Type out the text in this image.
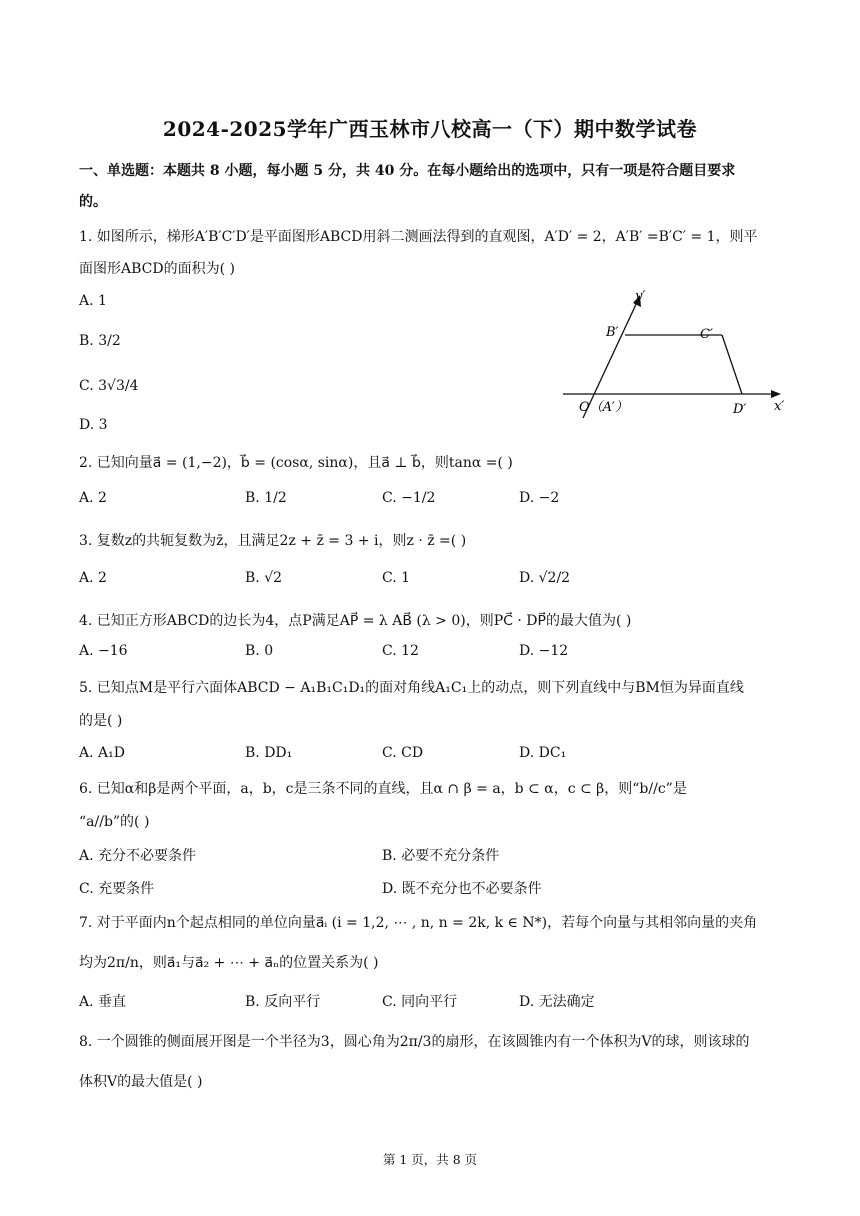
2024-2025学年广西玉林市八校高一（下）期中数学试卷
一、单选题：本题共 8 小题，每小题 5 分，共 40 分。在每小题给出的选项中，只有一项是符合题目要求
的。
1. 如图所示，梯形A′B′C′D′是平面图形ABCD用斜二测画法得到的直观图，A′D′ = 2，A′B′ =B′C′ = 1，则平
面图形ABCD的面积为( )
A. 1
B. 3/2
C. 3√3/4
D. 3
y′
x′
B′	C′
O（A′）	D′
2. 已知向量a⃗ = (1,−2)，b⃗ = (cosα, sinα)，且a⃗ ⊥ b⃗，则tanα =( )
A. 2	B. 1/2	C. −1/2	D. −2
3. 复数z的共轭复数为z̄，且满足2z + z̄ = 3 + i，则z · z̄ =( )
A. 2	B. √2	C. 1	D. √2/2
4. 已知正方形ABCD的边长为4，点P满足AP⃗ = λ AB⃗ (λ > 0)，则PC⃗ · DP⃗的最大值为( )
A. −16	B. 0	C. 12	D. −12
5. 已知点M是平行六面体ABCD − A₁B₁C₁D₁的面对角线A₁C₁上的动点，则下列直线中与BM恒为异面直线
的是( )
A. A₁D	B. DD₁	C. CD	D. DC₁
6. 已知α和β是两个平面，a，b，c是三条不同的直线，且α ∩ β = a，b ⊂ α，c ⊂ β，则“b//c”是
“a//b”的( )
A. 充分不必要条件	B. 必要不充分条件
C. 充要条件	D. 既不充分也不必要条件
7. 对于平面内n个起点相同的单位向量a⃗ᵢ (i = 1,2, ⋯ , n, n = 2k, k ∈ N*)，若每个向量与其相邻向量的夹角
均为2π/n，则a⃗₁与a⃗₂ + ⋯ + a⃗ₙ的位置关系为( )
A. 垂直	B. 反向平行	C. 同向平行	D. 无法确定
8. 一个圆锥的侧面展开图是一个半径为3，圆心角为2π/3的扇形，在该圆锥内有一个体积为V的球，则该球的
体积V的最大值是( )
第 1 页，共 8 页
